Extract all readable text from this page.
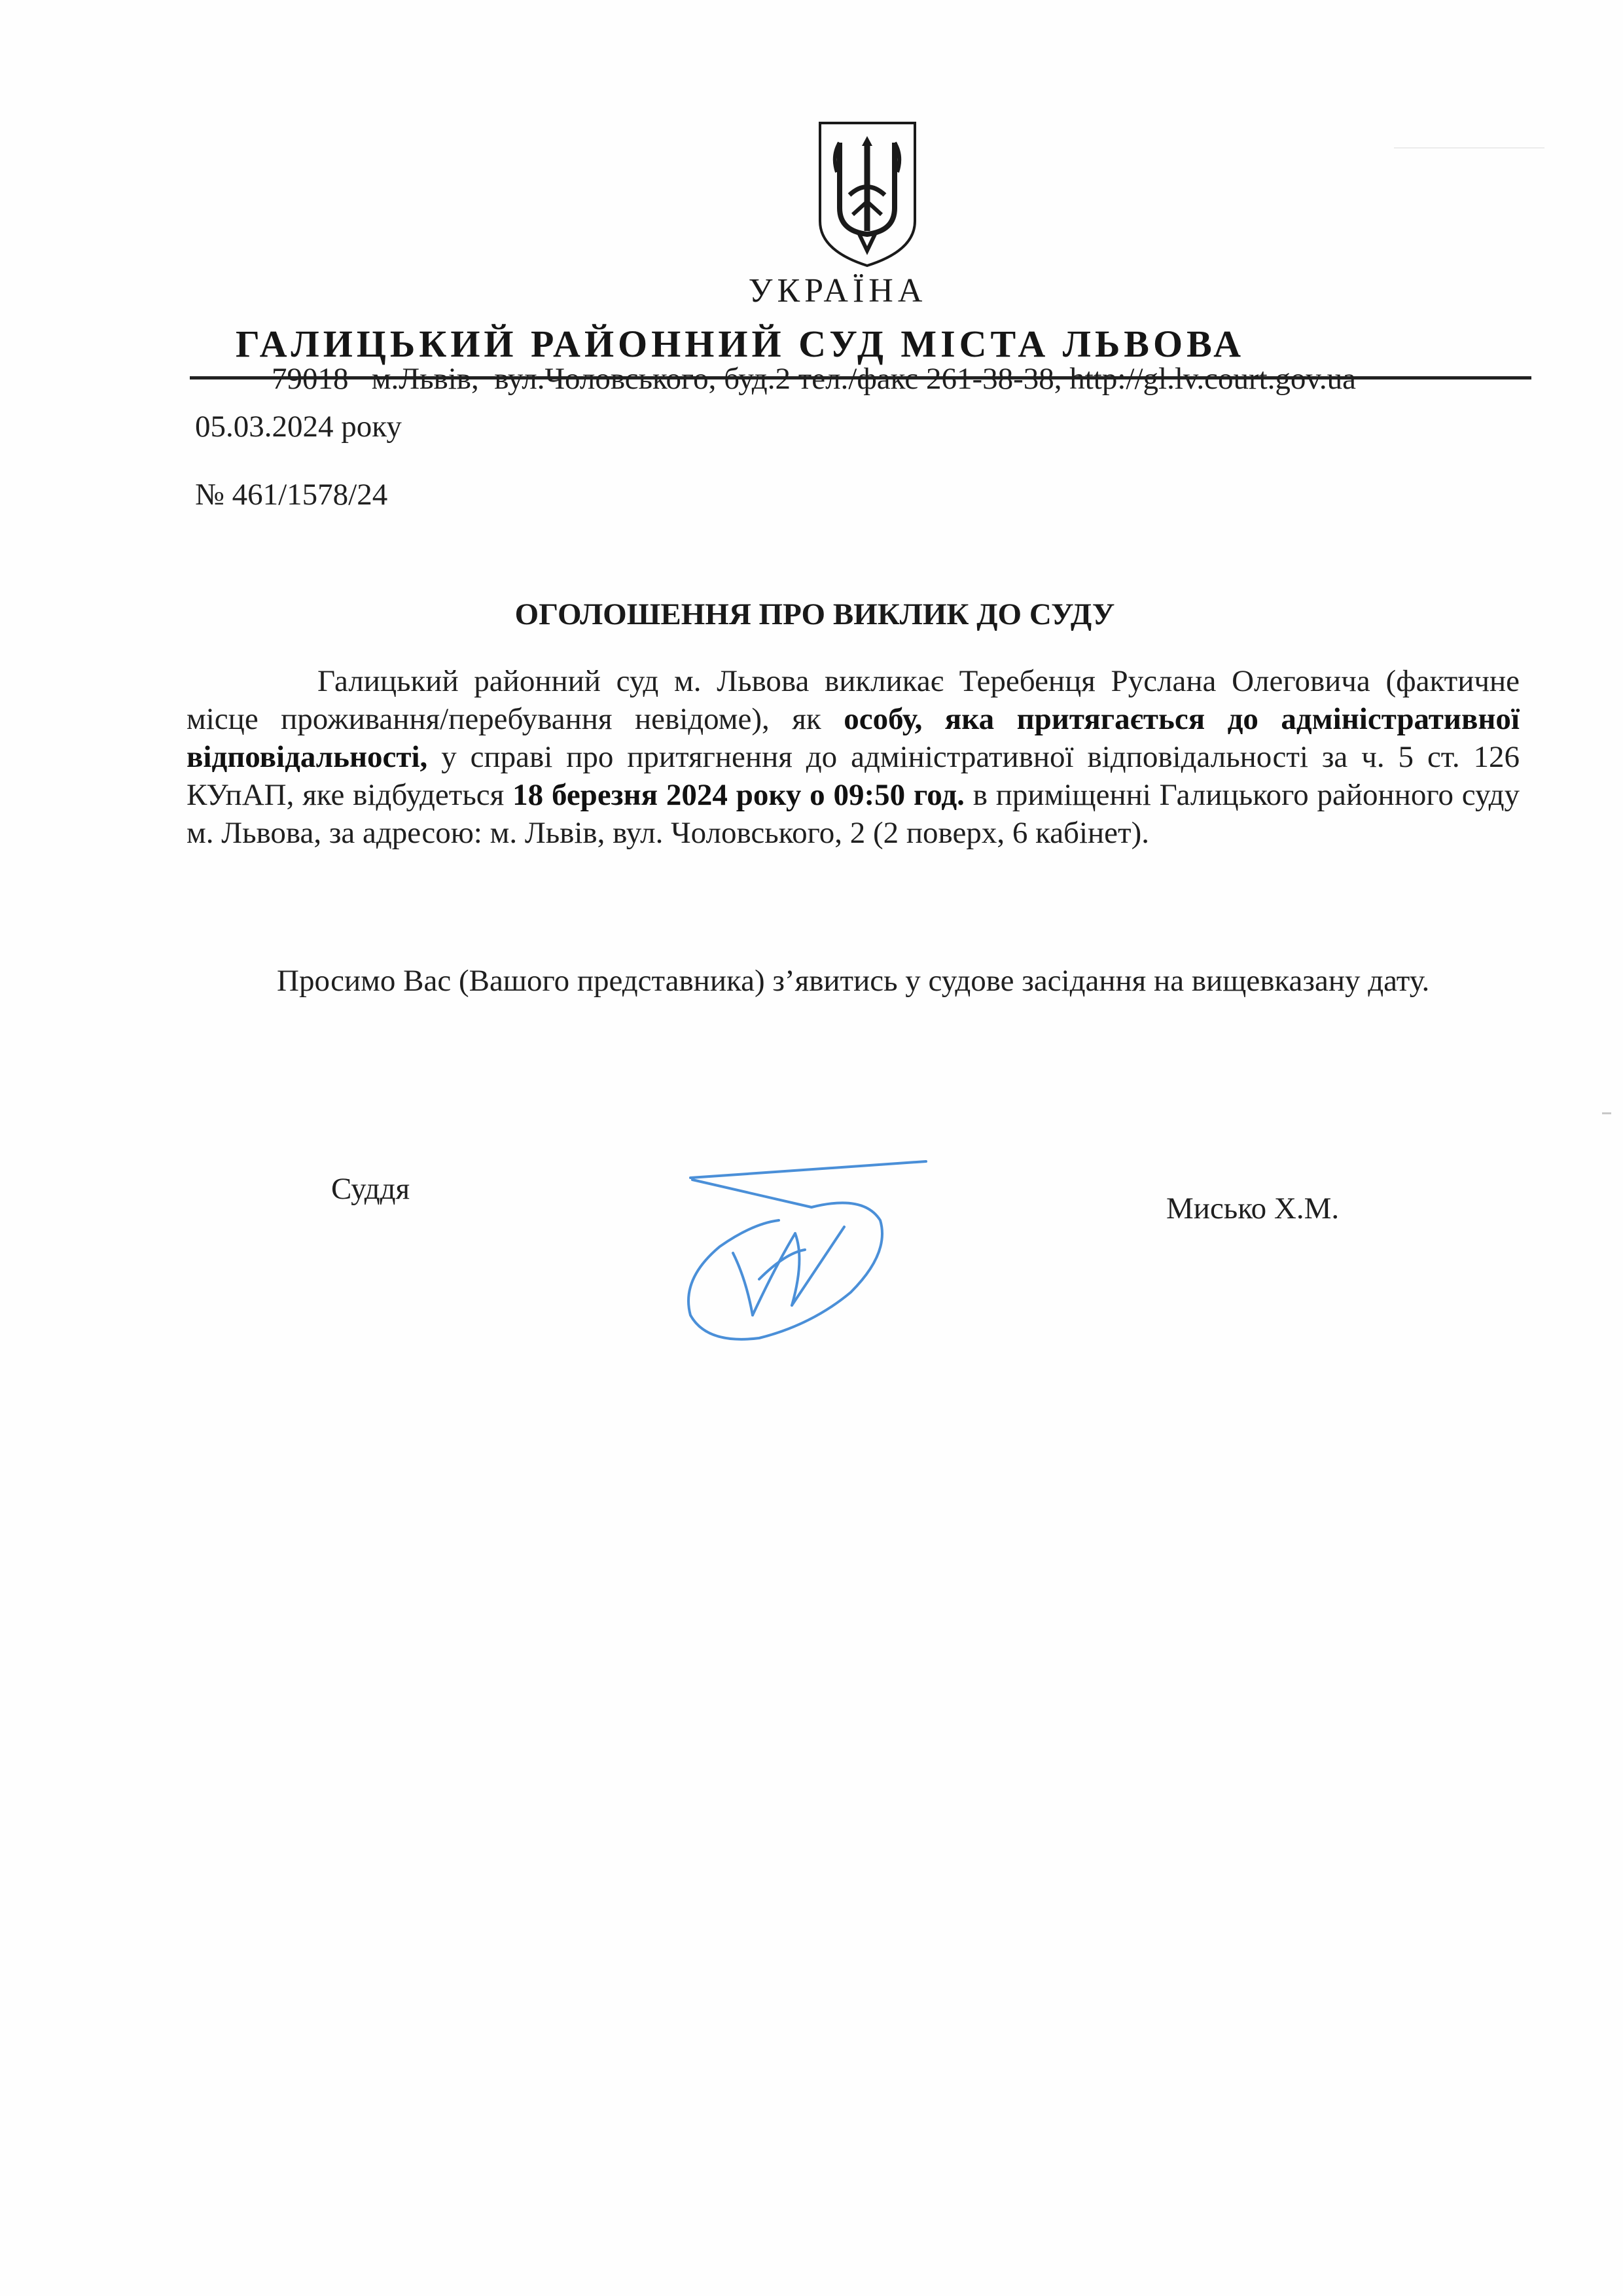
УКРАЇНА
ГАЛИЦЬКИЙ РАЙОННИЙ СУД МІСТА ЛЬВОВА
79018   м.Львів,  вул.Чоловського, буд.2 тел./факс 261-38-38, http://gl.lv.court.gov.ua
05.03.2024 року
№ 461/1578/24
ОГОЛОШЕННЯ ПРО ВИКЛИК ДО СУДУ
Галицький районний суд м. Львова викликає Теребенця Руслана Олеговича (фактичне місце проживання/перебування невідоме), як особу, яка притягається до адміністративної відповідальності, у справі про притягнення до адміністративної відповідальності за ч. 5 ст. 126 КУпАП, яке відбудеться 18 березня 2024 року о 09:50 год. в приміщенні Галицького районного суду м. Львова, за адресою: м. Львів, вул. Чоловського, 2 (2 поверх, 6 кабінет).
Просимо Вас (Вашого представника) з’явитись у судове засідання на вищевказану дату.
Суддя
Мисько Х.М.
